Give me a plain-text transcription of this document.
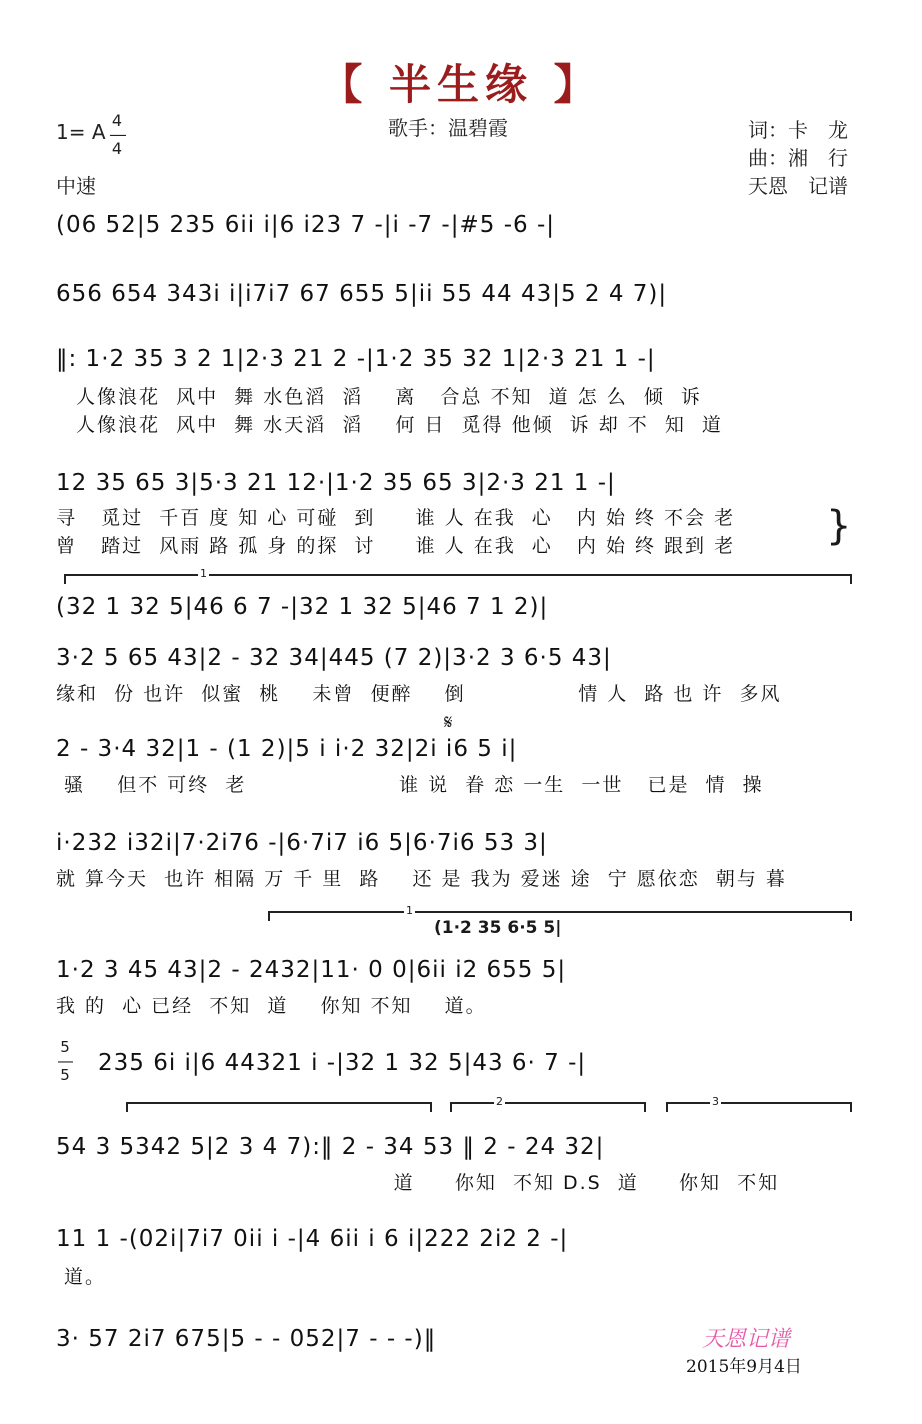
【 半生缘 】
歌手：温碧霞
1= A 4
―
4
中速
词：卡　龙
曲：湘　行
天恩　记谱
(06 52|5 235 6ii i|6 i23 7 -|i -7 -|#5 -6 -|
656 654 343i i|i7i7 67 655 5|ii 55 44 43|5 2 4 7)|
‖: 1·2 35 3 2 1|2·3 21 2 -|1·2 35 32 1|2·3 21 1 -|
人像浪花  风中  舞 水色滔  滔    离   合总 不知  道 怎 么  倾  诉
人像浪花  风中  舞 水天滔  滔    何 日  觅得 他倾  诉 却 不  知  道
12 35 65 3|5·3 21 12·|1·2 35 65 3|2·3 21 1 -|
寻   觅过  千百 度 知 心 可碰  到     谁 人 在我  心   内 始 终 不会 老
曾   踏过  风雨 路 孤 身 的探  讨     谁 人 在我  心   内 始 终 跟到 老 }
1
(32 1 32 5|46 6 7 -|32 1 32 5|46 7 1 2)|
3·2 5 65 43|2 - 32 34|445 (7 2)|3·2 3 6·5 43|
缘和  份 也许  似蜜  桃    未曾  便醉    倒              情 人  路 也 许  多风
𝄋
2 - 3·4 32|1 - (1 2)|5 i i·2 32|2i i6 5 i|
骚    但不 可终  老                   谁 说  眷 恋 一生  一世   已是  情  操
i·232 i32i|7·2i76 -|6·7i7 i6 5|6·7i6 53 3|
就 算今天  也许 相隔 万 千 里  路    还 是 我为 爱迷 途  宁 愿依恋  朝与 暮
1
(1·2 35 6·5 5|
1·2 3 45 43|2 - 2432|11· 0 0|6ii i2 655 5|
我 的  心 已经  不知  道    你知 不知    道。
5
―
5 235 6i i|6 44321 i -|32 1 32 5|43 6· 7 -|
2	3
54 3 5342 5|2 3 4 7):‖ 2 - 34 53 ‖ 2 - 24 32|
道     你知  不知 D.S  道     你知  不知
11 1 -(02i|7i7 0ii i -|4 6ii i 6 i|222 2i2 2 -|
道。
3· 57 2i7 675|5 - - 052|7 - - -)‖	天恩记谱
2015年9月4日
